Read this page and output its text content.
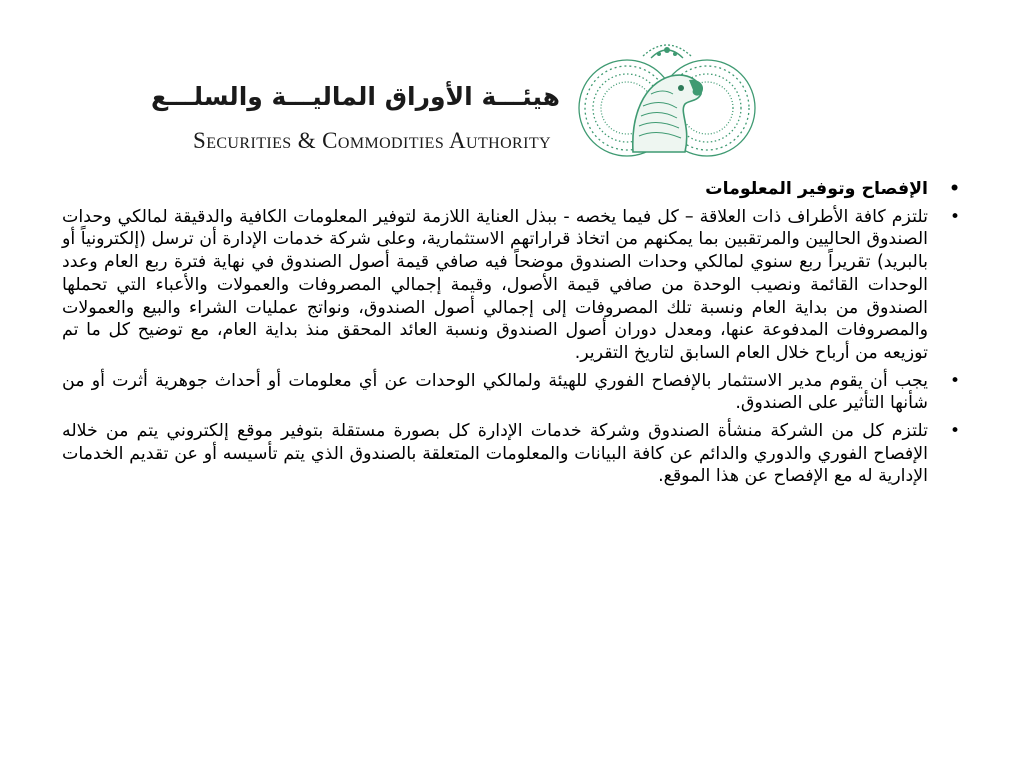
هيئـــة الأوراق الماليـــة والسلـــع
Securities & Commodities Authority
• الإفصاح وتوفير المعلومات
• تلتزم كافة الأطراف ذات العلاقة – كل فيما يخصه - ببذل العناية اللازمة لتوفير المعلومات الكافية والدقيقة لمالكي وحدات الصندوق الحاليين والمرتقبين بما يمكنهم من اتخاذ قراراتهم الاستثمارية، وعلى شركة خدمات الإدارة أن ترسل (إلكترونياً أو بالبريد) تقريراً ربع سنوي لمالكي وحدات الصندوق موضحاً فيه صافي قيمة أصول الصندوق في نهاية فترة ربع العام وعدد الوحدات القائمة ونصيب الوحدة من صافي قيمة الأصول، وقيمة إجمالي المصروفات والعمولات والأعباء التي تحملها الصندوق من بداية العام ونسبة تلك المصروفات إلى إجمالي أصول الصندوق، ونواتج عمليات الشراء والبيع والعمولات والمصروفات المدفوعة عنها، ومعدل دوران أصول الصندوق ونسبة العائد المحقق منذ بداية العام، مع توضيح كل ما تم توزيعه من أرباح خلال العام السابق لتاريخ التقرير.
• يجب أن يقوم مدير الاستثمار بالإفصاح الفوري للهيئة ولمالكي الوحدات عن أي معلومات أو أحداث جوهرية أثرت أو من شأنها التأثير على الصندوق.
• تلتزم كل من الشركة منشأة الصندوق وشركة خدمات الإدارة كل بصورة مستقلة بتوفير موقع إلكتروني يتم من خلاله الإفصاح الفوري والدوري والدائم عن كافة البيانات والمعلومات المتعلقة بالصندوق الذي يتم تأسيسه أو عن تقديم الخدمات الإدارية له مع الإفصاح عن هذا الموقع.
